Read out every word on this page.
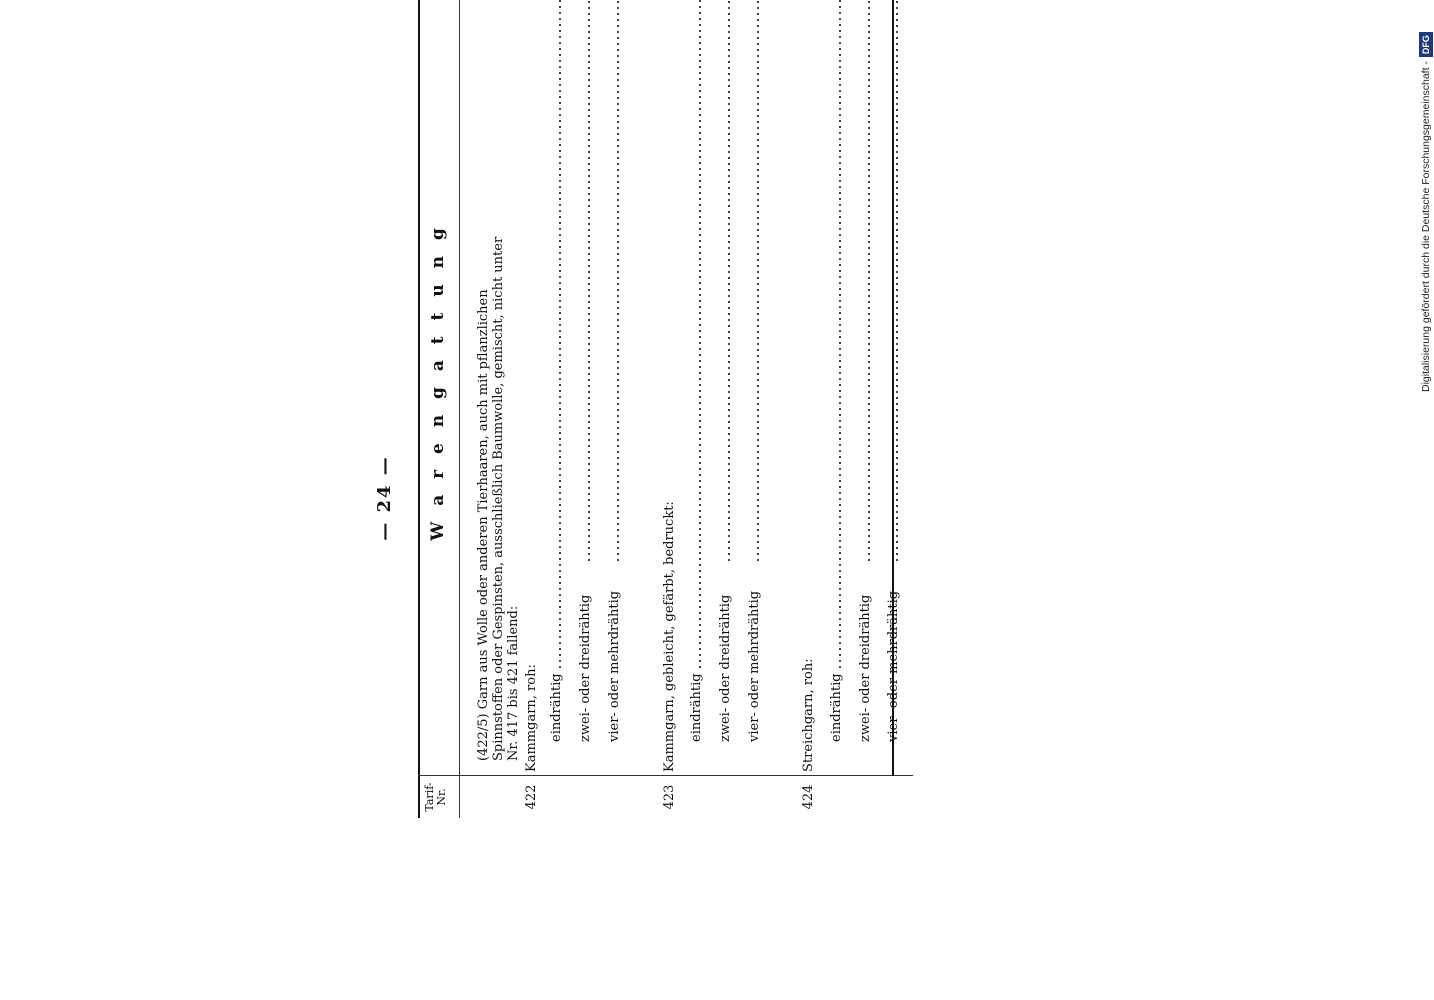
Digitalisierung gefördert durch die Deutsche Forschungsgemeinschaft -
DFG
— 24 —
Tarif-
Nr.
W a r e n g a t t u n g (422/5) Garn aus Wolle oder anderen Tierhaaren, auch mit pflanzlichen Spinnstoffen oder Gespinsten, ausschließlich Baumwolle, gemischt, nicht unter Nr. 417 bis 421 fallend:
422
Kammgarn, roh: eindrähtig zwei- oder dreidrähtig vier- oder mehrdrähtig
423
Kammgarn, gebleicht, gefärbt, bedruckt: eindrähtig zwei- oder dreidrähtig vier- oder mehrdrähtig
424
Streichgarn, roh: eindrähtig zwei- oder dreidrähtig vier- oder mehrdrähtig
